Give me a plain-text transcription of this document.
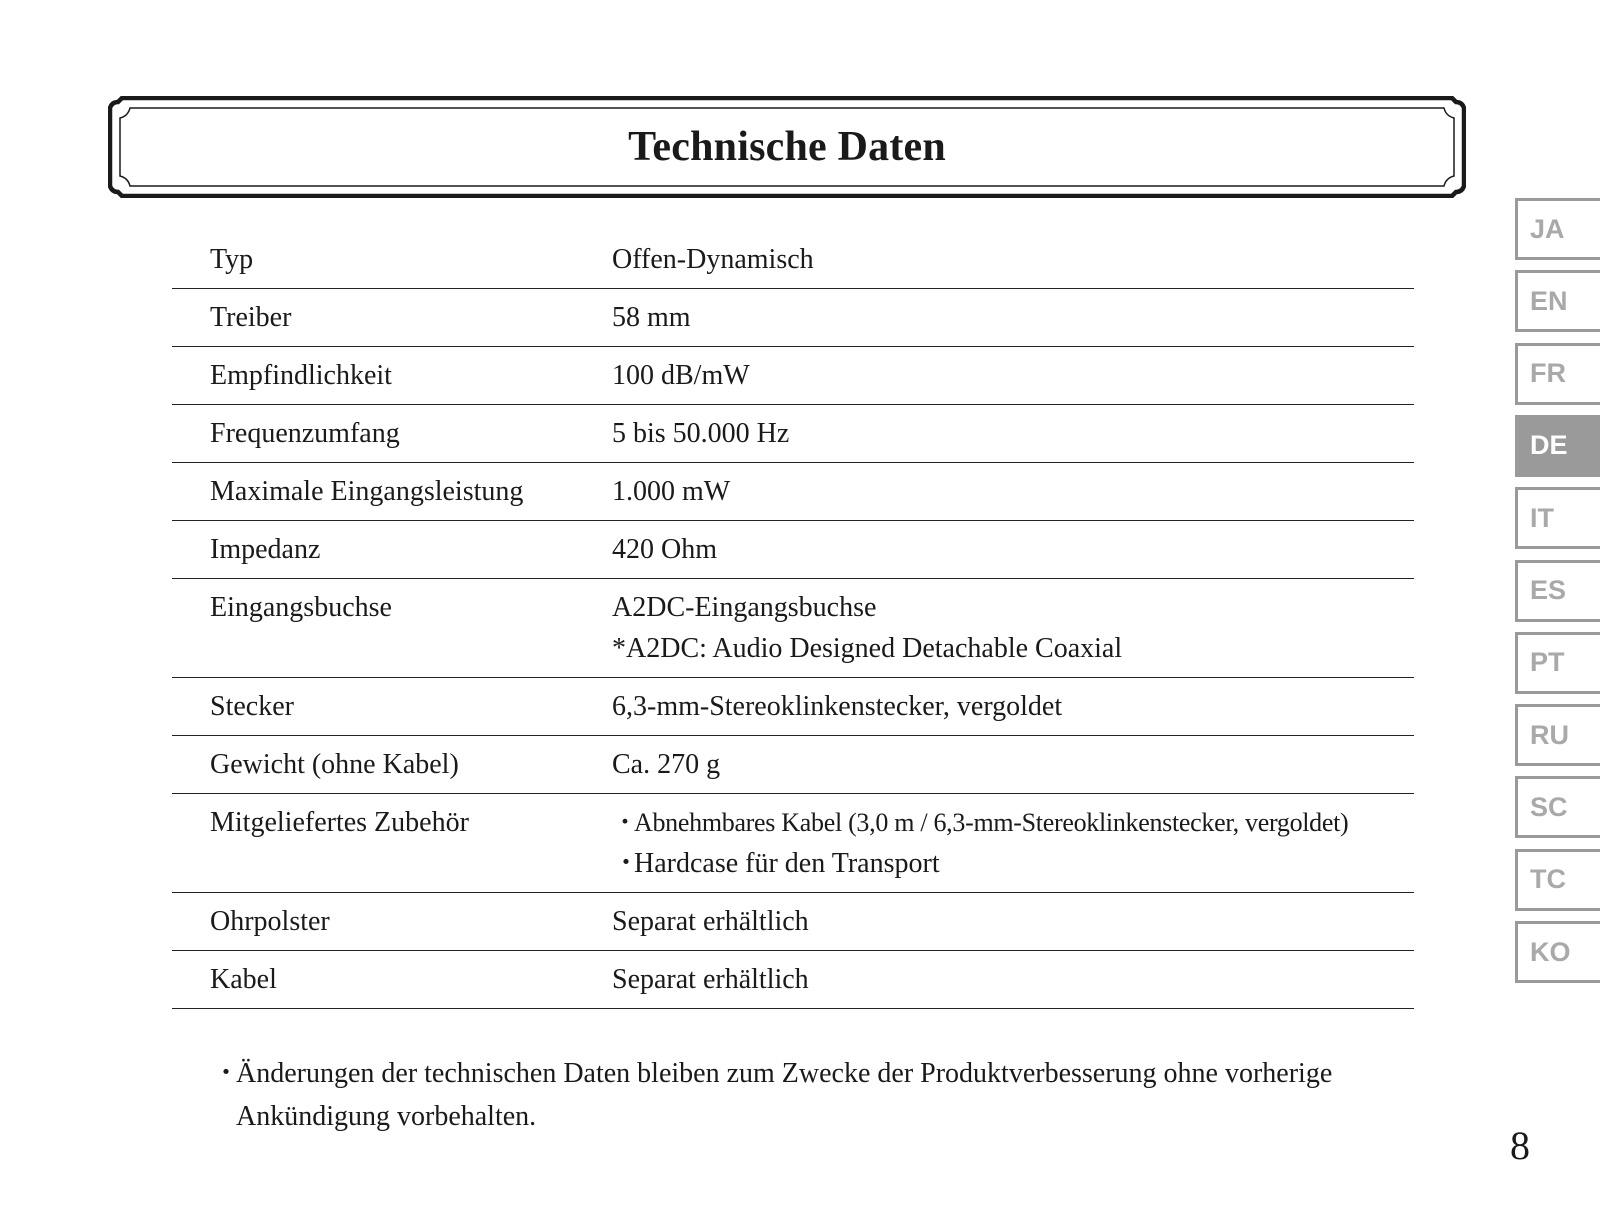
Technische Daten
Typ	Offen-Dynamisch

Treiber	58 mm

Empfindlichkeit	100 dB/mW

Frequenzumfang	5 bis 50.000 Hz

Maximale Eingangsleistung	1.000 mW

Impedanz	420 Ohm

Eingangsbuchse	A2DC-Eingangsbuchse
*A2DC: Audio Designed Detachable Coaxial

Stecker	6,3-mm-Stereoklinkenstecker, vergoldet

Gewicht (ohne Kabel)	Ca. 270 g

Mitgeliefertes Zubehör	・Abnehmbares Kabel (3,0 m / 6,3-mm-Stereoklinkenstecker, vergoldet)
・Hardcase für den Transport

Ohrpolster	Separat erhältlich

Kabel	Separat erhältlich
・
Änderungen der technischen Daten bleiben zum Zwecke der Produktverbesserung ohne vorherige Ankündigung vorbehalten.
JA
EN
FR
DE
IT
ES
PT
RU
SC
TC
KO
8
